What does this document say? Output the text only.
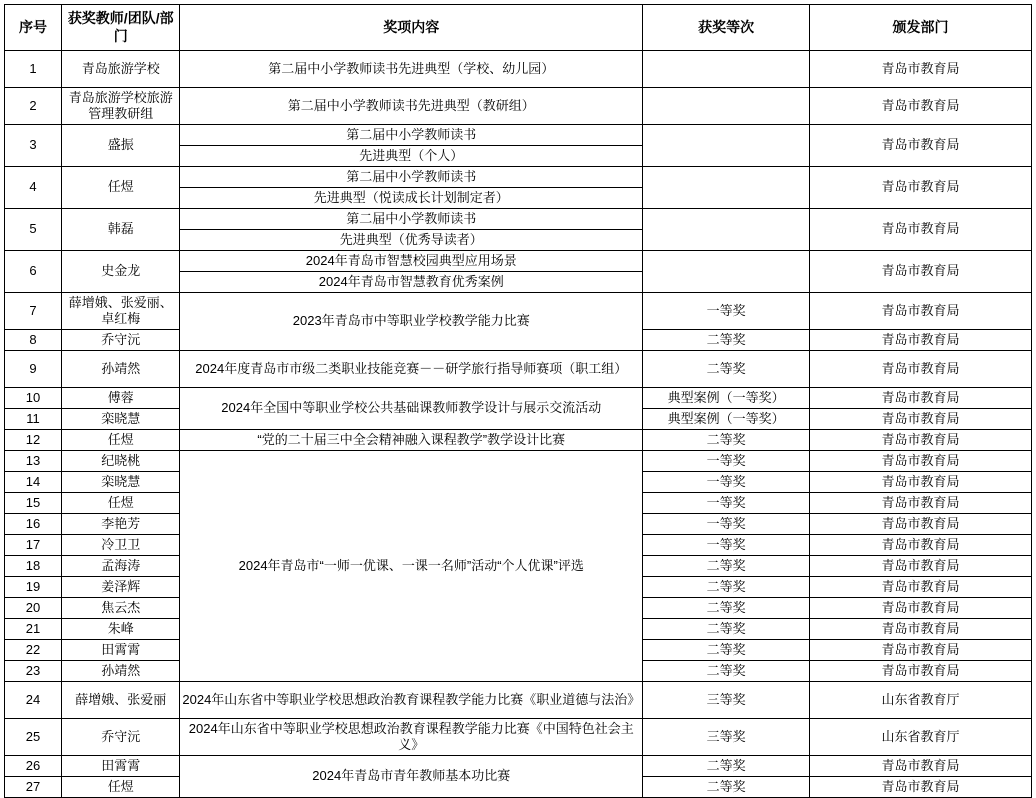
序号	获奖教师/团队/部门	奖项内容	获奖等次	颁发部门
1	青岛旅游学校	第二届中小学教师读书先进典型（学校、幼儿园）		青岛市教育局
2	青岛旅游学校旅游管理教研组	第二届中小学教师读书先进典型（教研组）		青岛市教育局
3	盛振	第二届中小学教师读书		青岛市教育局
		先进典型（个人）		
4	任煜	第二届中小学教师读书		青岛市教育局
		先进典型（悦读成长计划制定者）		
5	韩磊	第二届中小学教师读书		青岛市教育局
		先进典型（优秀导读者）		
6	史金龙	2024年青岛市智慧校园典型应用场景		青岛市教育局
		2024年青岛市智慧教育优秀案例		
7	薛增娥、张爱丽、卓红梅	2023年青岛市中等职业学校教学能力比赛	一等奖	青岛市教育局
8	乔守沅		二等奖	青岛市教育局
9	孙靖然	2024年度青岛市市级二类职业技能竞赛－－研学旅行指导师赛项（职工组）	二等奖	青岛市教育局
10	傅蓉	2024年全国中等职业学校公共基础课教师教学设计与展示交流活动	典型案例（一等奖）	青岛市教育局
11	栾晓慧		典型案例（一等奖）	青岛市教育局
12	任煜	“党的二十届三中全会精神融入课程教学”教学设计比赛	二等奖	青岛市教育局
13	纪晓桃	2024年青岛市“一师一优课、一课一名师”活动“个人优课”评选	一等奖	青岛市教育局
14	栾晓慧		一等奖	青岛市教育局
15	任煜		一等奖	青岛市教育局
16	李艳芳		一等奖	青岛市教育局
17	冷卫卫		一等奖	青岛市教育局
18	孟海涛		二等奖	青岛市教育局
19	姜泽辉		二等奖	青岛市教育局
20	焦云杰		二等奖	青岛市教育局
21	朱峰		二等奖	青岛市教育局
22	田霄霄		二等奖	青岛市教育局
23	孙靖然		二等奖	青岛市教育局
24	薛增娥、张爱丽	2024年山东省中等职业学校思想政治教育课程教学能力比赛《职业道德与法治》	三等奖	山东省教育厅
25	乔守沅	2024年山东省中等职业学校思想政治教育课程教学能力比赛《中国特色社会主义》	三等奖	山东省教育厅
26	田霄霄	2024年青岛市青年教师基本功比赛	二等奖	青岛市教育局
27	任煜		二等奖	青岛市教育局
